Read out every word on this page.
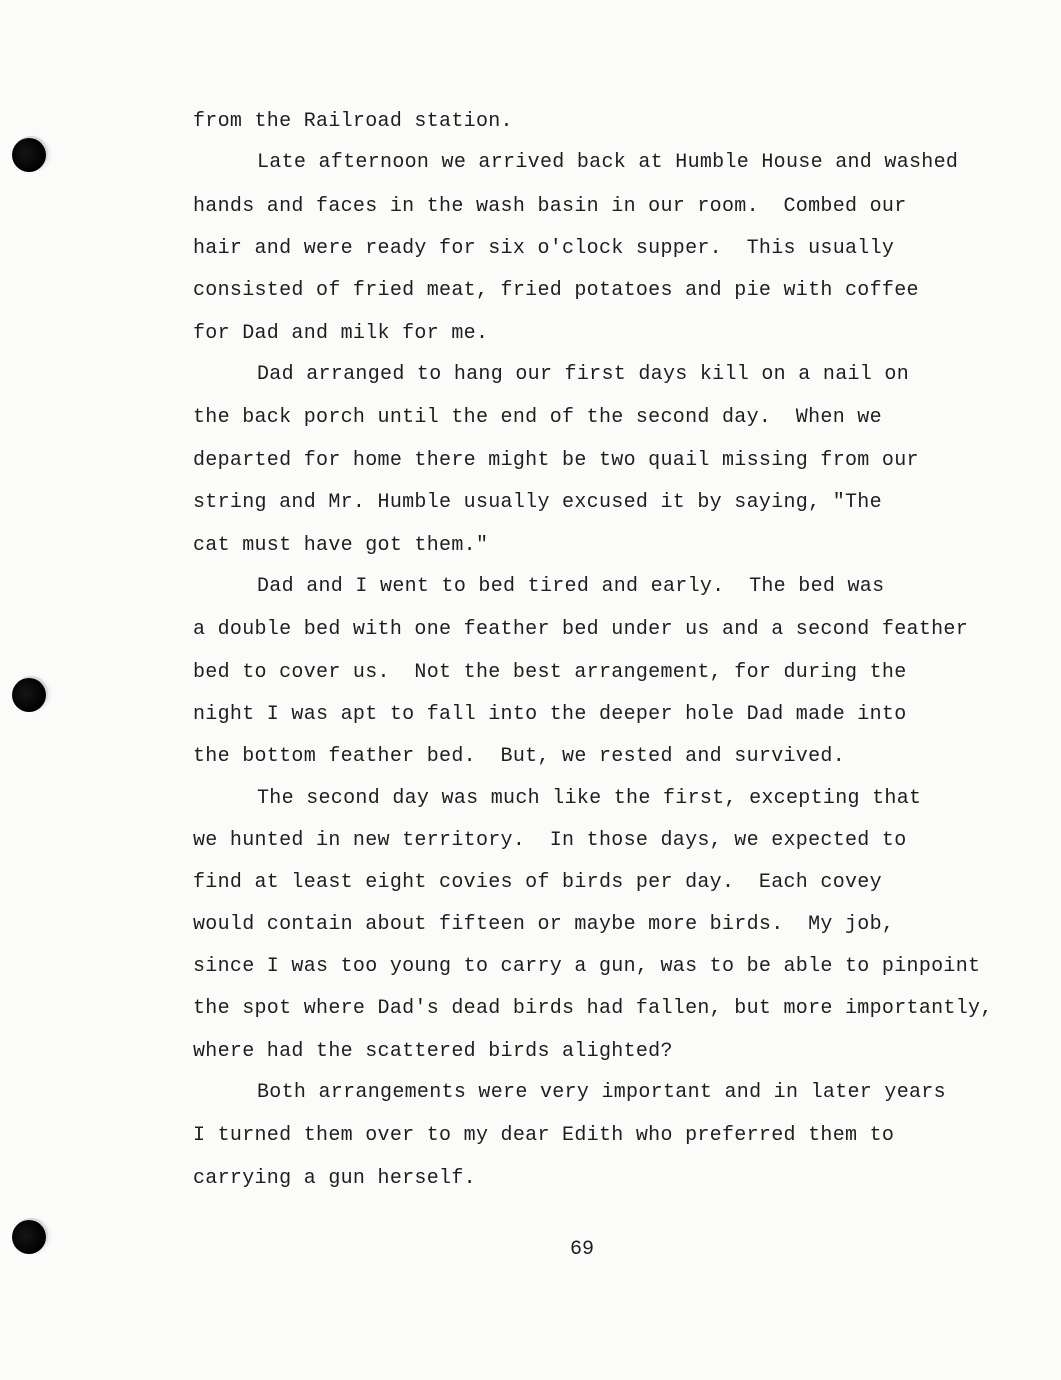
from the Railroad station.
Late afternoon we arrived back at Humble House and washed
hands and faces in the wash basin in our room.  Combed our
hair and were ready for six o'clock supper.  This usually
consisted of fried meat, fried potatoes and pie with coffee
for Dad and milk for me.
Dad arranged to hang our first days kill on a nail on
the back porch until the end of the second day.  When we
departed for home there might be two quail missing from our
string and Mr. Humble usually excused it by saying, "The
cat must have got them."
Dad and I went to bed tired and early.  The bed was
a double bed with one feather bed under us and a second feather
bed to cover us.  Not the best arrangement, for during the
night I was apt to fall into the deeper hole Dad made into
the bottom feather bed.  But, we rested and survived.
The second day was much like the first, excepting that
we hunted in new territory.  In those days, we expected to
find at least eight covies of birds per day.  Each covey
would contain about fifteen or maybe more birds.  My job,
since I was too young to carry a gun, was to be able to pinpoint
the spot where Dad's dead birds had fallen, but more importantly,
where had the scattered birds alighted?
Both arrangements were very important and in later years
I turned them over to my dear Edith who preferred them to
carrying a gun herself.
69
